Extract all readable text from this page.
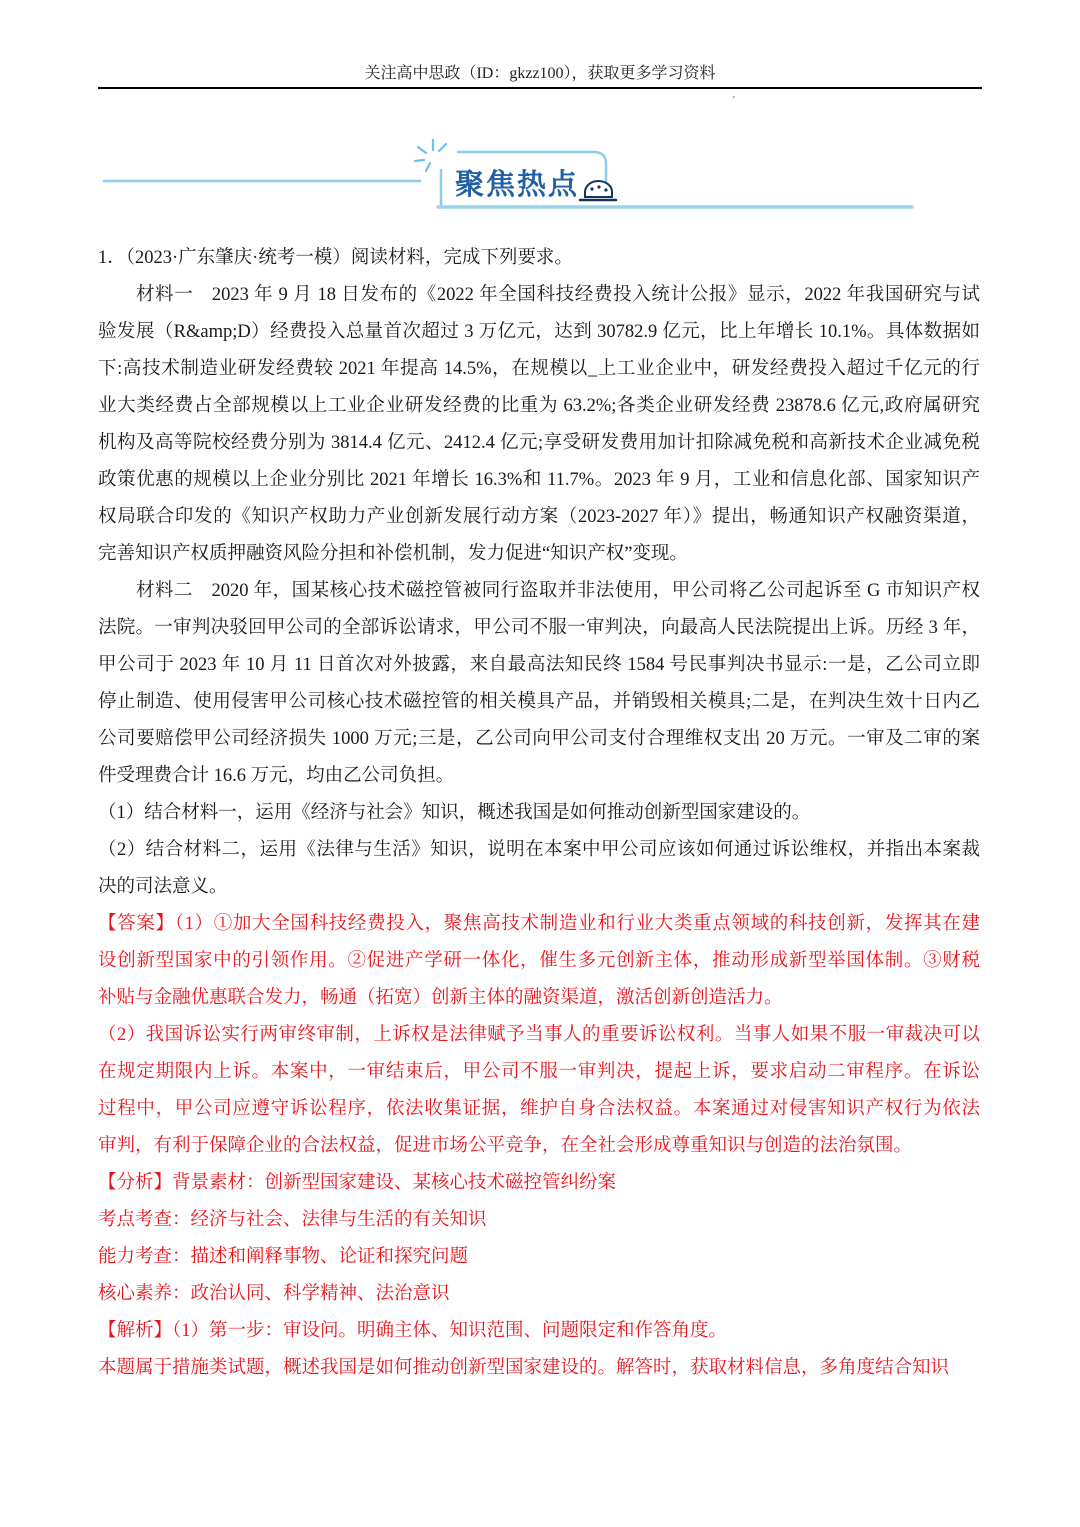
关注高中思政（ID：gkzz100），获取更多学习资料
'
聚焦热点
1．（2023·广东肇庆·统考一模）阅读材料，完成下列要求。
材料一 2023 年 9 月 18 日发布的《2022 年全国科技经费投入统计公报》显示，2022 年我国研究与试
验发展（R&amp;D）经费投入总量首次超过 3 万亿元，达到 30782.9 亿元，比上年增长 10.1%。具体数据如
下:高技术制造业研发经费较 2021 年提高 14.5%，在规模以_上工业企业中，研发经费投入超过千亿元的行
业大类经费占全部规模以上工业企业研发经费的比重为 63.2%;各类企业研发经费 23878.6 亿元,政府属研究
机构及高等院校经费分别为 3814.4 亿元、2412.4 亿元;享受研发费用加计扣除减免税和高新技术企业减免税
政策优惠的规模以上企业分别比 2021 年增长 16.3%和 11.7%。2023 年 9 月，工业和信息化部、国家知识产
权局联合印发的《知识产权助力产业创新发展行动方案（2023-2027 年）》提出，畅通知识产权融资渠道，
完善知识产权质押融资风险分担和补偿机制，发力促进“知识产权”变现。
材料二 2020 年，国某核心技术磁控管被同行盗取并非法使用，甲公司将乙公司起诉至 G 市知识产权
法院。一审判决驳回甲公司的全部诉讼请求，甲公司不服一审判决，向最高人民法院提出上诉。历经 3 年，
甲公司于 2023 年 10 月 11 日首次对外披露，来自最高法知民终 1584 号民事判决书显示:一是，乙公司立即
停止制造、使用侵害甲公司核心技术磁控管的相关模具产品，并销毁相关模具;二是，在判决生效十日内乙
公司要赔偿甲公司经济损失 1000 万元;三是，乙公司向甲公司支付合理维权支出 20 万元。一审及二审的案
件受理费合计 16.6 万元，均由乙公司负担。
（1）结合材料一，运用《经济与社会》知识，概述我国是如何推动创新型国家建设的。
（2）结合材料二，运用《法律与生活》知识，说明在本案中甲公司应该如何通过诉讼维权，并指出本案裁
决的司法意义。
【答案】（1）①加大全国科技经费投入，聚焦高技术制造业和行业大类重点领域的科技创新，发挥其在建
设创新型国家中的引领作用。②促进产学研一体化，催生多元创新主体，推动形成新型举国体制。③财税
补贴与金融优惠联合发力，畅通（拓宽）创新主体的融资渠道，激活创新创造活力。
（2）我国诉讼实行两审终审制，上诉权是法律赋予当事人的重要诉讼权利。当事人如果不服一审裁决可以
在规定期限内上诉。本案中，一审结束后，甲公司不服一审判决，提起上诉，要求启动二审程序。在诉讼
过程中，甲公司应遵守诉讼程序，依法收集证据，维护自身合法权益。本案通过对侵害知识产权行为依法
审判，有利于保障企业的合法权益，促进市场公平竞争，在全社会形成尊重知识与创造的法治氛围。
【分析】背景素材：创新型国家建设、某核心技术磁控管纠纷案
考点考查：经济与社会、法律与生活的有关知识
能力考查：描述和阐释事物、论证和探究问题
核心素养：政治认同、科学精神、法治意识
【解析】（1）第一步：审设问。明确主体、知识范围、问题限定和作答角度。
本题属于措施类试题，概述我国是如何推动创新型国家建设的。解答时，获取材料信息，多角度结合知识
